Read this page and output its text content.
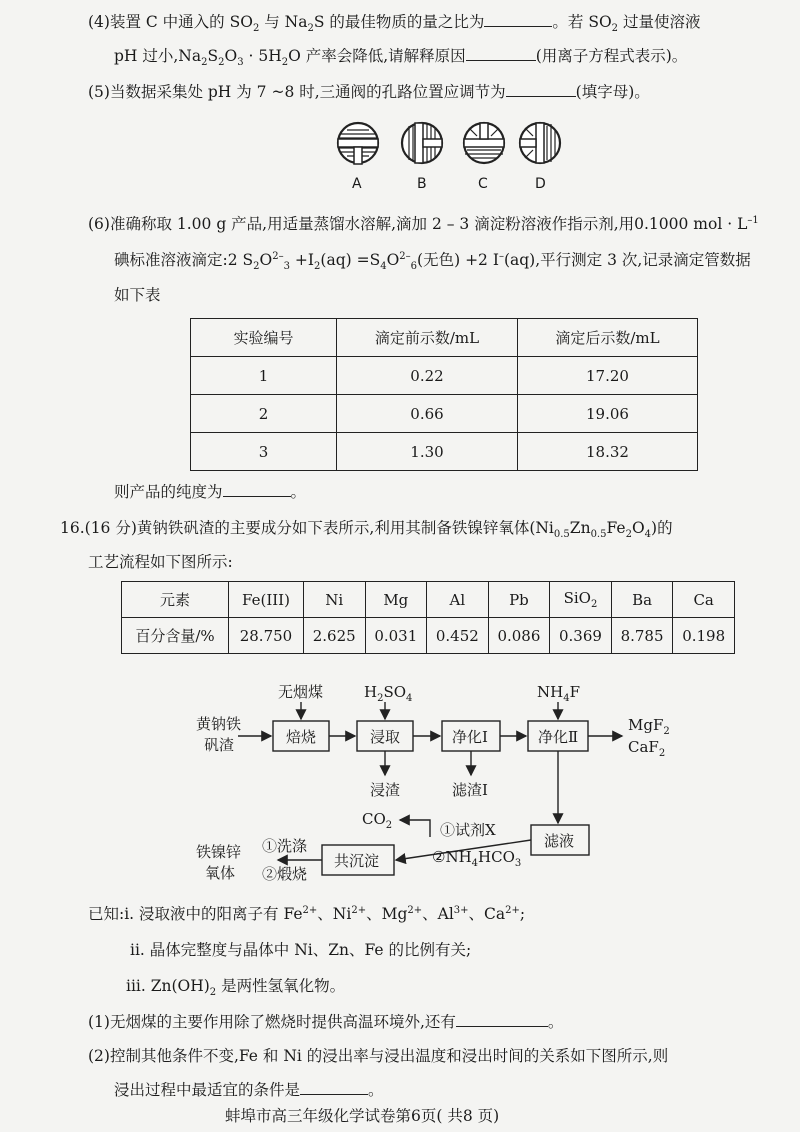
(4)装置 C 中通入的 $SO_2$ 与 $Na_2S$ 的最佳物质的量之比为	。若 $SO_2$ 过量使溶液
pH 过小$,Na_2S_2O_3 \cdot 5H_2O$ 产率会降低,请解释原因	(用离子方程式表示)。
(5)当数据采集处 pH 为 7 ~8 时,三通阀的孔路位置应调节为	(填字母)。
A	B	C	D
(6)准确称取 1.00 g 产品,用适量蒸馏水溶解,滴加 2 – 3 滴淀粉溶液作指示剂,用0.1000 mol · $L^{-1}$
碘标准溶液滴定:2 $S_2O^{2-}_3 +I_2(aq) =S_4O^{2-}_6$(无色) +2 I–(aq),平行测定 3 次,记录滴定管数据
如下表
实验编号	滴定前示数/mL	滴定后示数/mL
1	0.22	17.20
2	0.66	19.06
3	1.30	18.32
则产品的纯度为	。
16.(16 分)黄钠铁矾渣的主要成分如下表所示,利用其制备铁镍锌氧体$(Ni_{0.5}Zn_{0.5}Fe_2O_4)$的
工艺流程如下图所示:
元素	Fe(III)	Ni	Mg	Al	Pb	SiO$_2$	Ba	Ca
百分含量/%	28.750	2.625	0.031	0.452	0.086	0.369	8.785	0.198
黄钠铁
矾渣
无烟煤	$H_2SO_4$	$NH_4F$
焙烧	浸取	净化Ⅰ	净化Ⅱ
MgF$_2$
CaF$_2$
浸渣	滤渣Ⅰ
滤液
$CO_2$	①试剂X
$②NH_4HCO_3$
共沉淀
①洗涤
②煅烧
铁镍锌
氧体
已知:i. 浸取液中的阳离子有 $Fe^{2+}$、$Ni^{2+}$、$Mg^{2+}$、$Al^{3+}$、$Ca^{2+}$;
ii. 晶体完整度与晶体中 Ni、Zn、Fe 的比例有关;
iii. $Zn(OH)_2$ 是两性氢氧化物。
(1)无烟煤的主要作用除了燃烧时提供高温环境外,还有	。
(2)控制其他条件不变,Fe 和 Ni 的浸出率与浸出温度和浸出时间的关系如下图所示,则
浸出过程中最适宜的条件是	。
蚌埠市高三年级化学试卷第6页( 共8 页)
